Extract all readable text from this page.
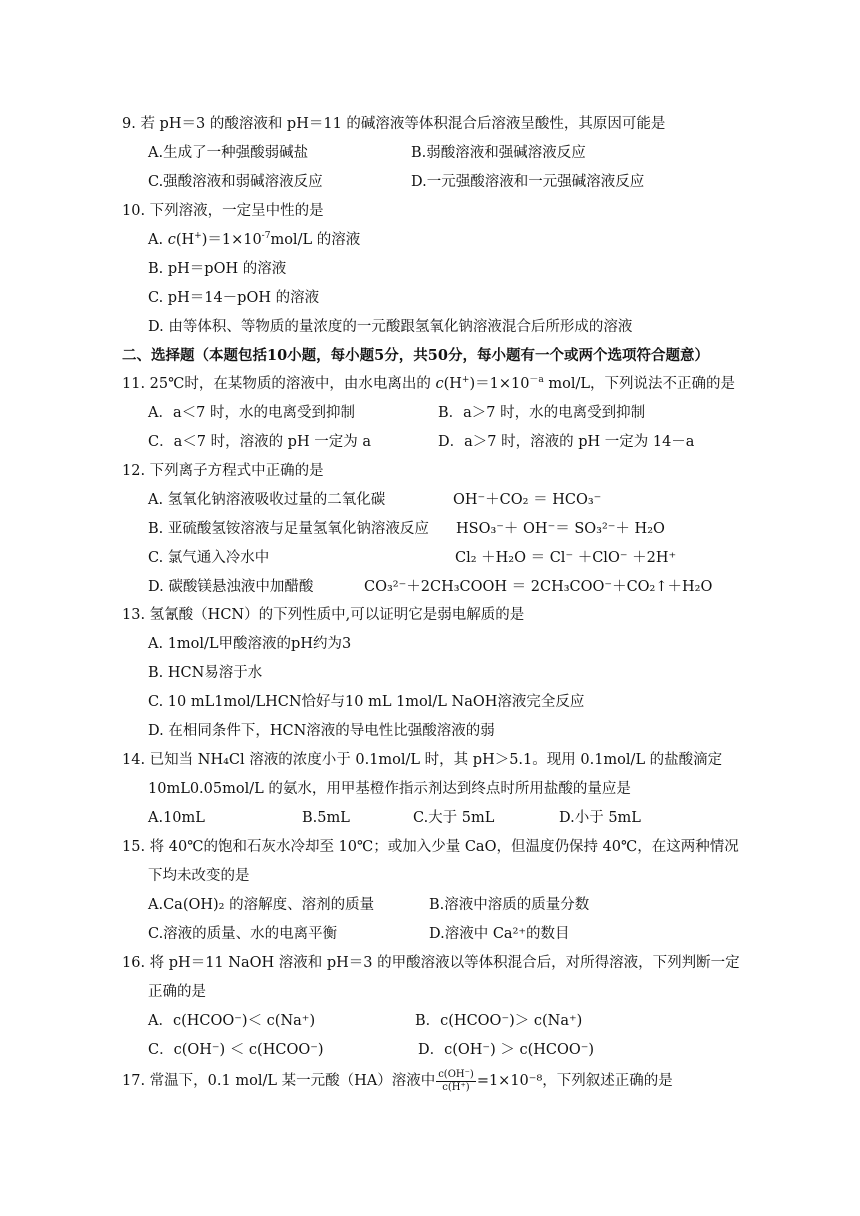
9. 若 pH＝3 的酸溶液和 pH＝11 的碱溶液等体积混合后溶液呈酸性，其原因可能是
A.生成了一种强酸弱碱盐	B.弱酸溶液和强碱溶液反应
C.强酸溶液和弱碱溶液反应	D.一元强酸溶液和一元强碱溶液反应
10. 下列溶液，一定呈中性的是
A. $c(H^+)=1\times 10^{-7}mol/L$ 的溶液
B. pH＝pOH 的溶液
C. pH＝14－pOH 的溶液
D. 由等体积、等物质的量浓度的一元酸跟氢氧化钠溶液混合后所形成的溶液
二、选择题（本题包括10小题，每小题5分，共50分，每小题有一个或两个选项符合题意）
11. 25℃时，在某物质的溶液中，由水电离出的 $c(H^+)=1\times 10^{-a}$ mol/L，下列说法不正确的是
A．a＜7 时，水的电离受到抑制	B．a＞7 时，水的电离受到抑制
C．a＜7 时，溶液的 pH 一定为 a	D．a＞7 时，溶液的 pH 一定为 14－a
12. 下列离子方程式中正确的是
A. 氢氧化钠溶液吸收过量的二氧化碳	OH⁻＋CO₂ ＝ HCO₃⁻
B. 亚硫酸氢铵溶液与足量氢氧化钠溶液反应 HSO₃⁻＋ OH⁻＝ SO₃²⁻＋ H₂O
C. 氯气通入冷水中	Cl₂ ＋H₂O ＝ Cl⁻ ＋ClO⁻ ＋2H⁺
D. 碳酸镁悬浊液中加醋酸	CO₃²⁻＋2CH₃COOH ＝ 2CH₃COO⁻＋CO₂↑＋H₂O
13. 氢氰酸（HCN）的下列性质中,可以证明它是弱电解质的是
A. 1mol/L甲酸溶液的pH约为3
B. HCN易溶于水
C. 10 mL1mol/LHCN恰好与10 mL 1mol/L NaOH溶液完全反应
D. 在相同条件下，HCN溶液的导电性比强酸溶液的弱
14. 已知当 NH₄Cl 溶液的浓度小于 0.1mol/L 时，其 pH＞5.1。现用 0.1mol/L 的盐酸滴定
10mL0.05mol/L 的氨水，用甲基橙作指示剂达到终点时所用盐酸的量应是
A.10mL	B.5mL	C.大于 5mL	D.小于 5mL
15. 将 40℃的饱和石灰水冷却至 10℃；或加入少量 CaO，但温度仍保持 40℃，在这两种情况
下均未改变的是
A.Ca(OH)₂ 的溶解度、溶剂的质量	B.溶液中溶质的质量分数
C.溶液的质量、水的电离平衡	D.溶液中 Ca²⁺的数目
16. 将 pH＝11 NaOH 溶液和 pH＝3 的甲酸溶液以等体积混合后，对所得溶液，下列判断一定
正确的是
A．c(HCOO⁻)＜ c(Na⁺)	B．c(HCOO⁻)＞ c(Na⁺)
C．c(OH⁻) ＜ c(HCOO⁻)	D．c(OH⁻) ＞ c(HCOO⁻)
17. 常温下，0.1 mol/L 某一元酸（HA）溶液中 $\frac{c(OH^-)}{c(H^+)} =1\times 10^{-8}$，下列叙述正确的是
